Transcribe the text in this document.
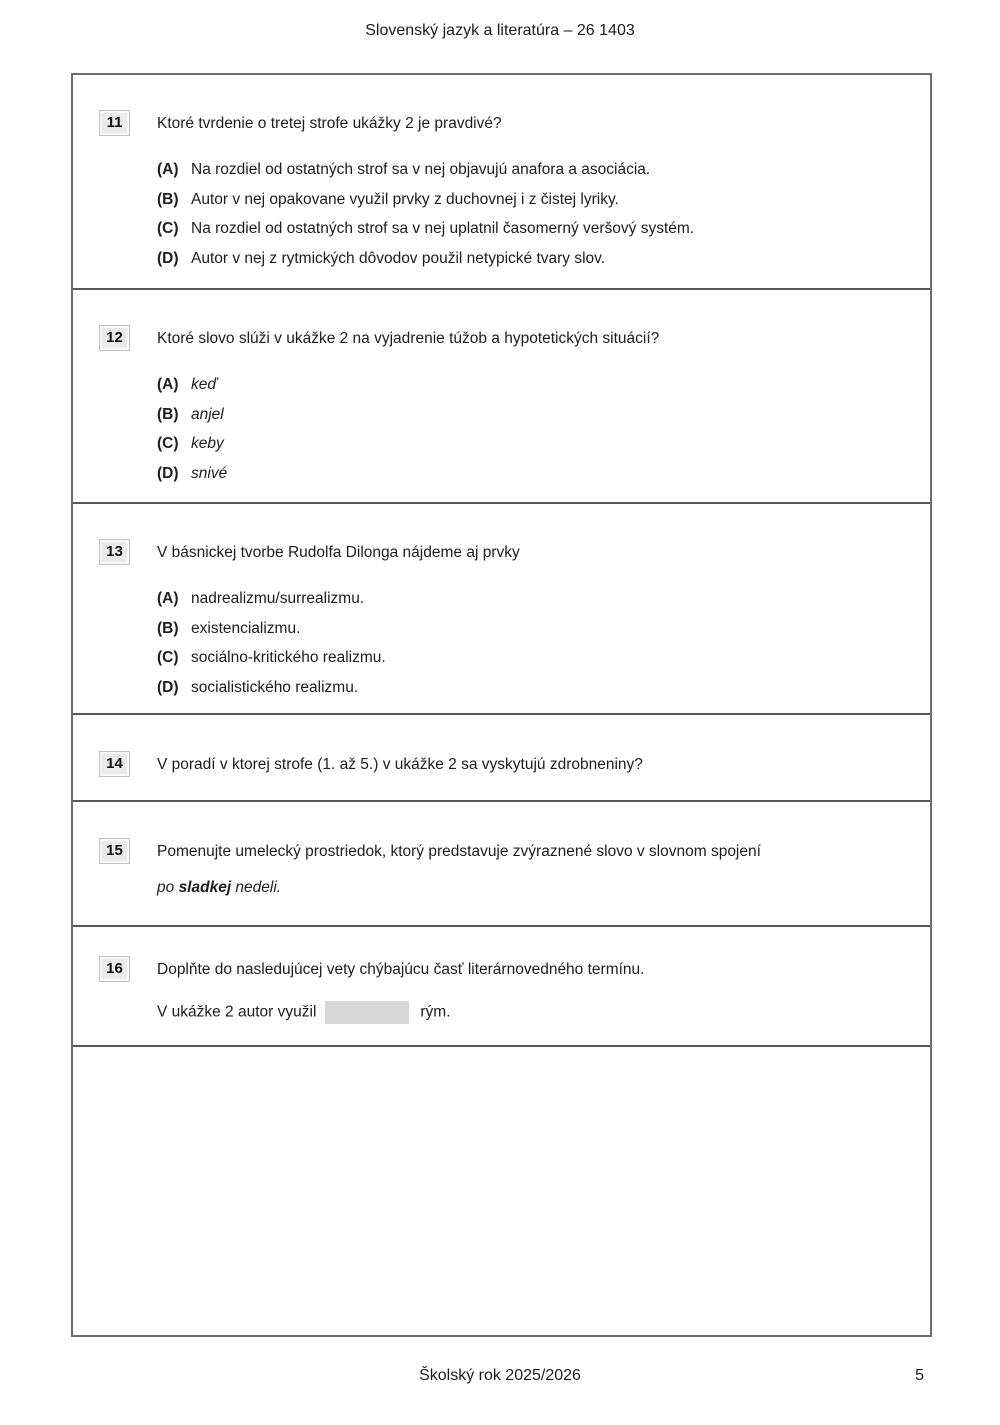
Slovenský jazyk a literatúra – 26 1403
11	Ktoré tvrdenie o tretej strofe ukážky 2 je pravdivé?
(A) Na rozdiel od ostatných strof sa v nej objavujú anafora a asociácia.
(B) Autor v nej opakovane využil prvky z duchovnej i z čistej lyriky.
(C) Na rozdiel od ostatných strof sa v nej uplatnil časomerný veršový systém.
(D) Autor v nej z rytmických dôvodov použil netypické tvary slov.
12	Ktoré slovo slúži v ukážke 2 na vyjadrenie túžob a hypotetických situácií?
(A) keď
(B) anjel
(C) keby
(D) snivé
13	V básnickej tvorbe Rudolfa Dilonga nájdeme aj prvky
(A) nadrealizmu/surrealizmu.
(B) existencializmu.
(C) sociálno-kritického realizmu.
(D) socialistického realizmu.
14	V poradí v ktorej strofe (1. až 5.) v ukážke 2 sa vyskytujú zdrobneniny?
15	Pomenujte umelecký prostriedok, ktorý predstavuje zvýraznené slovo v slovnom spojení
po sladkej nedeli.
16	Doplňte do nasledujúcej vety chýbajúcu časť literárnovedného termínu.
V ukážke 2 autor využil	rým.
Školský rok 2025/2026	5
